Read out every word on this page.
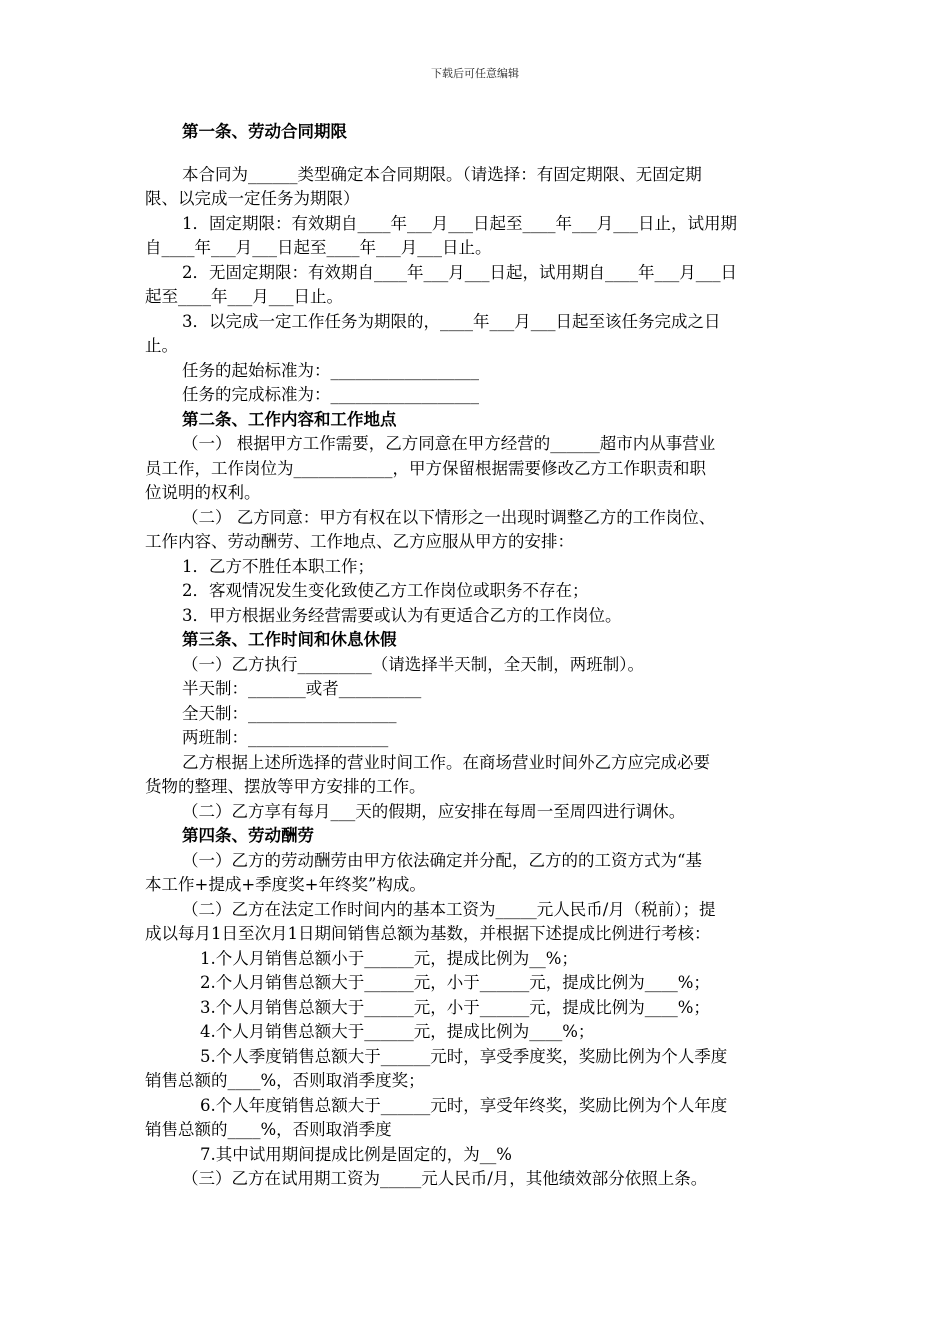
下载后可任意编辑

第一条、劳动合同期限

本合同为______类型确定本合同期限。（请选择：有固定期限、无固定期

限、以完成一定任务为期限）

1．固定期限：有效期自____年___月___日起至____年___月___日止，试用期

自____年___月___日起至____年___月___日止。

2．无固定期限：有效期自____年___月___日起，试用期自____年___月___日

起至____年___月___日止。

3．以完成一定工作任务为期限的，____年___月___日起至该任务完成之日

止。

任务的起始标准为：__________________

任务的完成标准为：__________________

第二条、工作内容和工作地点

（一） 根据甲方工作需要，乙方同意在甲方经营的______超市内从事营业

员工作，工作岗位为____________，甲方保留根据需要修改乙方工作职责和职

位说明的权利。

（二） 乙方同意：甲方有权在以下情形之一出现时调整乙方的工作岗位、

工作内容、劳动酬劳、工作地点、乙方应服从甲方的安排：

1．乙方不胜任本职工作；

2．客观情况发生变化致使乙方工作岗位或职务不存在；

3．甲方根据业务经营需要或认为有更适合乙方的工作岗位。

第三条、工作时间和休息休假

（一）乙方执行_________（请选择半天制，全天制，两班制）。

半天制：_______或者__________

全天制：__________________

两班制：_________________

乙方根据上述所选择的营业时间工作。在商场营业时间外乙方应完成必要

货物的整理、摆放等甲方安排的工作。

（二）乙方享有每月___天的假期，应安排在每周一至周四进行调休。

第四条、劳动酬劳

（一）乙方的劳动酬劳由甲方依法确定并分配，乙方的的工资方式为“基

本工作+提成+季度奖+年终奖”构成。

（二）乙方在法定工作时间内的基本工资为_____元人民币/月（税前）；提

成以每月1日至次月1日期间销售总额为基数，并根据下述提成比例进行考核：

1.个人月销售总额小于______元，提成比例为__%；

2.个人月销售总额大于______元，小于______元，提成比例为____%；

3.个人月销售总额大于______元，小于______元，提成比例为____%；

4.个人月销售总额大于______元，提成比例为____%；

5.个人季度销售总额大于______元时，享受季度奖，奖励比例为个人季度

销售总额的____%，否则取消季度奖；

6.个人年度销售总额大于______元时，享受年终奖，奖励比例为个人年度

销售总额的____%，否则取消季度

7.其中试用期间提成比例是固定的，为__%

（三）乙方在试用期工资为_____元人民币/月，其他绩效部分依照上条。
